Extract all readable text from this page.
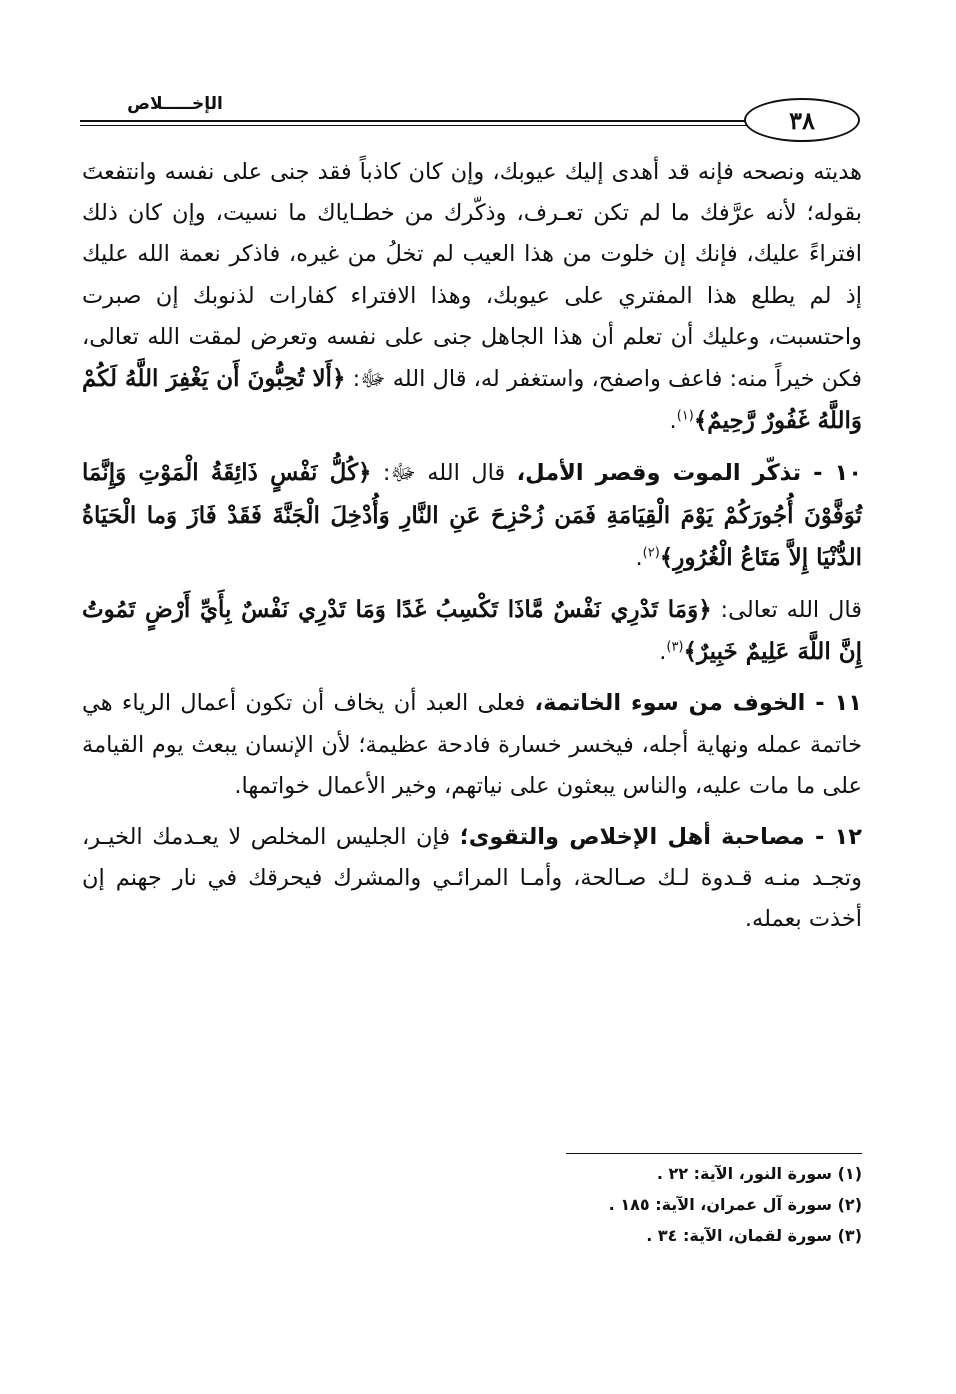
الإخـــــلاص
٣٨

هديته ونصحه فإنه قد أهدى إليك عيوبك، وإن كان كاذباً فقد جنى على نفسه وانتفعتَ بقوله؛ لأنه عرَّفك ما لم تكن تعـرف، وذكّرك من خطـاياك ما نسيت، وإن كان ذلك افتراءً عليك، فإنك إن خلوت من هذا العيب لم تخلُ من غيره، فاذكر نعمة الله عليك إذ لم يطلع هذا المفتري على عيوبك، وهذا الافتراء كفارات لذنوبك إن صبرت واحتسبت، وعليك أن تعلم أن هذا الجاهل جنى على نفسه وتعرض لمقت الله تعالى، فكن خيراً منه: فاعف واصفح، واستغفر له، قال الله ﷻ: ﴿أَلا تُحِبُّونَ أَن يَغْفِرَ اللَّهُ لَكُمْ وَاللَّهُ غَفُورٌ رَّحِيمٌ﴾$^{(١)}$.

١٠ - تذكّر الموت وقصر الأمل، قال الله ﷻ: ﴿كُلُّ نَفْسٍ ذَائِقَةُ الْمَوْتِ وَإِنَّمَا تُوَفَّوْنَ أُجُورَكُمْ يَوْمَ الْقِيَامَةِ فَمَن زُحْزِحَ عَنِ النَّارِ وَأُدْخِلَ الْجَنَّةَ فَقَدْ فَازَ وَما الْحَيَاةُ الدُّنْيَا إِلاَّ مَتَاعُ الْغُرُورِ﴾$^{(٢)}$.

قال الله تعالى: ﴿وَمَا تَدْرِي نَفْسٌ مَّاذَا تَكْسِبُ غَدًا وَمَا تَدْرِي نَفْسٌ بِأَيِّ أَرْضٍ تَمُوتُ إِنَّ اللَّهَ عَلِيمٌ خَبِيرٌ﴾$^{(٣)}$.

١١ - الخوف من سوء الخاتمة، فعلى العبد أن يخاف أن تكون أعمال الرياء هي خاتمة عمله ونهاية أجله، فيخسر خسارة فادحة عظيمة؛ لأن الإنسان يبعث يوم القيامة على ما مات عليه، والناس يبعثون على نياتهم، وخير الأعمال خواتمها.

١٢ - مصاحبة أهل الإخلاص والتقوى؛ فإن الجليس المخلص لا يعـدمك الخيـر، وتجـد منـه قـدوة لـك صـالحة، وأمـا المرائـي والمشرك فيحرقك في نار جهنم إن أخذت بعمله.

(١) سورة النور، الآية: ٢٢ .
(٢) سورة آل عمران، الآية: ١٨٥ .
(٣) سورة لقمان، الآية: ٣٤ .
